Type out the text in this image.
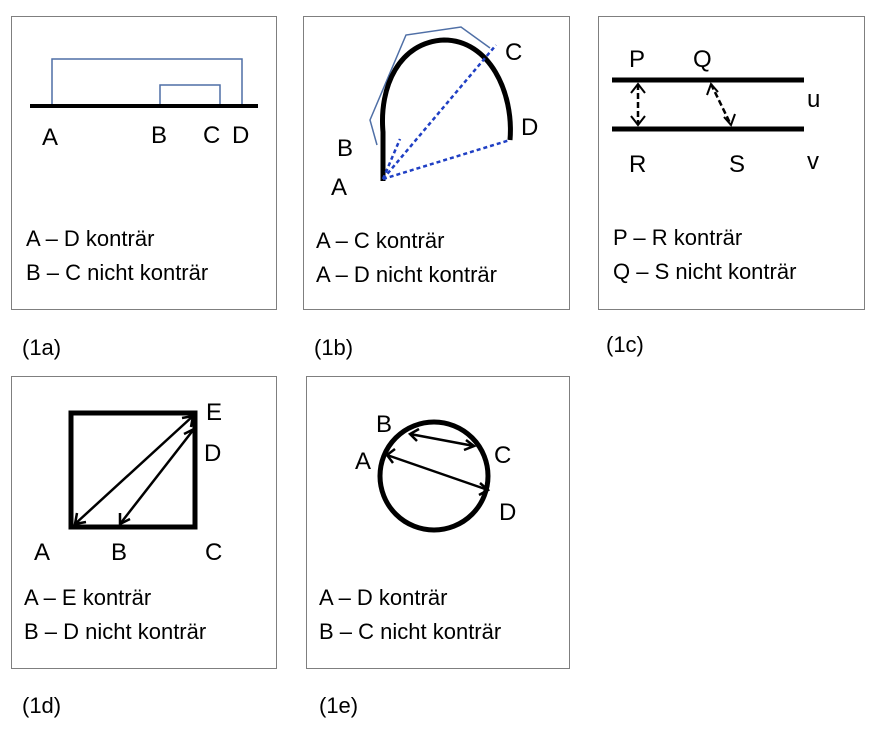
A	B C D
A – D konträr
B – C nicht konträr
(1a)
A
B
C
D
A – C konträr
A – D nicht konträr
(1b)
P Q
R	S
u
v
P – R konträr
Q – S nicht konträr
(1c)
A	B	C
D
E
A – E konträr
B – D nicht konträr
(1d)
A
B
C
D
A – D konträr
B – C nicht konträr
(1e)
